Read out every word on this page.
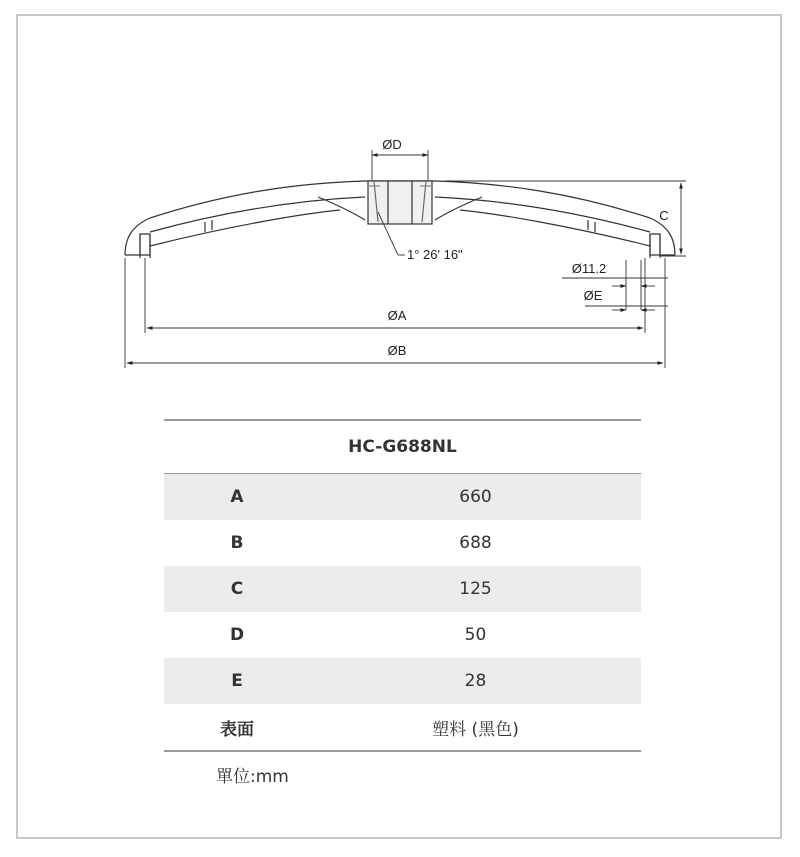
ØD
C
1° 26' 16"
Ø11.2
ØE
ØA
ØB
HC-G688NL
A	660
B	688
C	125
D	50
E	28
表面	塑料 (黑色)
單位:mm
